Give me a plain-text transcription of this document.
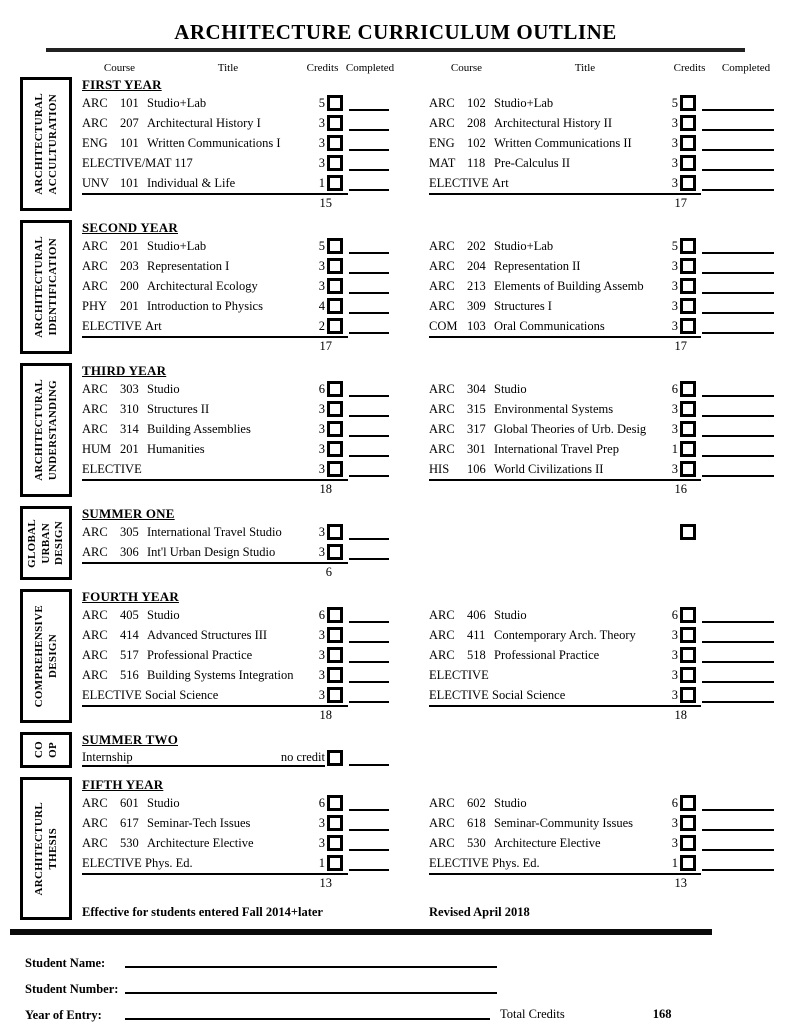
ARCHITECTURE CURRICULUM OUTLINE
Course	Title	Credits Completed	Course	Title	Credits	Completed
ARCHITECTURAL ACCULTURATION
FIRST YEAR
ARC 101 Studio+Lab	5
ARC 207 Architectural History I	3
ENG 101 Written Communications I	3
ELECTIVE/MAT 117	3
UNV 101 Individual & Life	1
15
ARC 102 Studio+Lab	5
ARC 208 Architectural History II	3
ENG 102 Written Communications II	3
MAT 118 Pre-Calculus II	3
ELECTIVE Art	3
17
ARCHITECTURAL IDENTIFICATION
SECOND YEAR
ARC 201 Studio+Lab	5
ARC 203 Representation I	3
ARC 200 Architectural Ecology	3
PHY	201 Introduction to Physics	4
ELECTIVE Art	2
17
ARC 202 Studio+Lab	5
ARC 204 Representation II	3
ARC 213 Elements of Building Assemb	3
ARC 309 Structures I	3
COM 103 Oral Communications	3
17
ARCHITECTURAL UNDERSTANDING
THIRD YEAR
ARC 303 Studio	6
ARC 310 Structures II	3
ARC 314 Building Assemblies	3
HUM 201 Humanities	3
ELECTIVE	3
18
ARC 304 Studio	6
ARC 315 Environmental Systems	3
ARC 317 Global Theories of Urb. Desig	3
ARC 301 International Travel Prep	1
HIS	106 World Civilizations II	3
16
GLOBAL URBAN DESIGN
SUMMER ONE
ARC 305 International Travel Studio	3
ARC 306 Int'l Urban Design Studio	3
6
COMPREHENSIVE DESIGN
FOURTH YEAR
ARC 405 Studio	6
ARC 414 Advanced Structures III	3
ARC 517 Professional Practice	3
ARC 516 Building Systems Integration	3
ELECTIVE Social Science	3
18
ARC 406 Studio	6
ARC 411 Contemporary Arch. Theory	3
ARC 518 Professional Practice	3
ELECTIVE	3
ELECTIVE Social Science	3
18
CO OP
SUMMER TWO
Internship	no credit
ARCHITECTURL THESIS
FIFTH YEAR
ARC 601 Studio	6
ARC 617 Seminar-Tech Issues	3
ARC 530 Architecture Elective	3
ELECTIVE Phys. Ed.	1
13
ARC 602 Studio	6
ARC 618 Seminar-Community Issues	3
ARC 530 Architecture Elective	3
ELECTIVE Phys. Ed.	1
13
Effective for students entered Fall 2014+later	Revised April 2018
Student Name:
Student Number:
Year of Entry:	Total Credits	168
